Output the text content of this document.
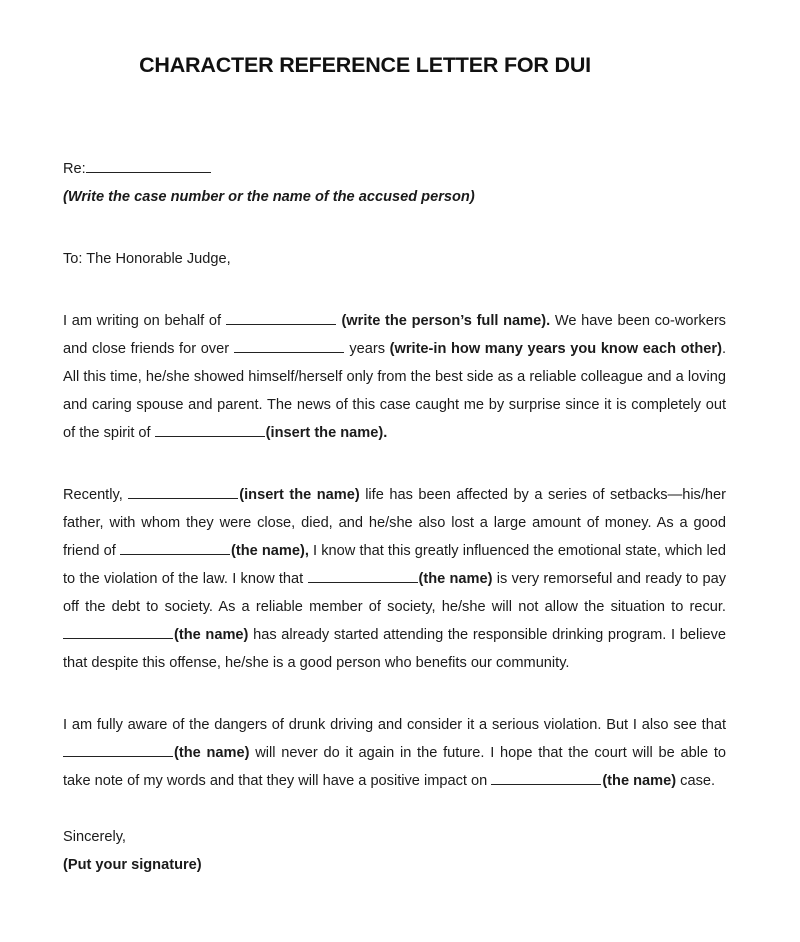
CHARACTER REFERENCE LETTER FOR DUI
Re:
(Write the case number or the name of the accused person)
To: The Honorable Judge,
I am writing on behalf of	(write the person’s full name). We have been co-workers and close friends for over	years (write-in how many years you know each other). All this time, he/she showed himself/herself only from the best side as a reliable colleague and a loving and caring spouse and parent. The news of this case caught me by surprise since it is completely out of the spirit of	(insert the name).
Recently,	(insert the name) life has been affected by a series of setbacks—his/her father, with whom they were close, died, and he/she also lost a large amount of money. As a good friend of	(the name), I know that this greatly influenced the emotional state, which led to the violation of the law. I know that	(the name) is very remorseful and ready to pay off the debt to society. As a reliable member of society, he/she will not allow the situation to recur. (the name) has already started attending the responsible drinking program. I believe that despite this offense, he/she is a good person who benefits our community.
I am fully aware of the dangers of drunk driving and consider it a serious violation. But I also see that (the name) will never do it again in the future. I hope that the court will be able to take note of my words and that they will have a positive impact on	(the name) case.
Sincerely,
(Put your signature)
